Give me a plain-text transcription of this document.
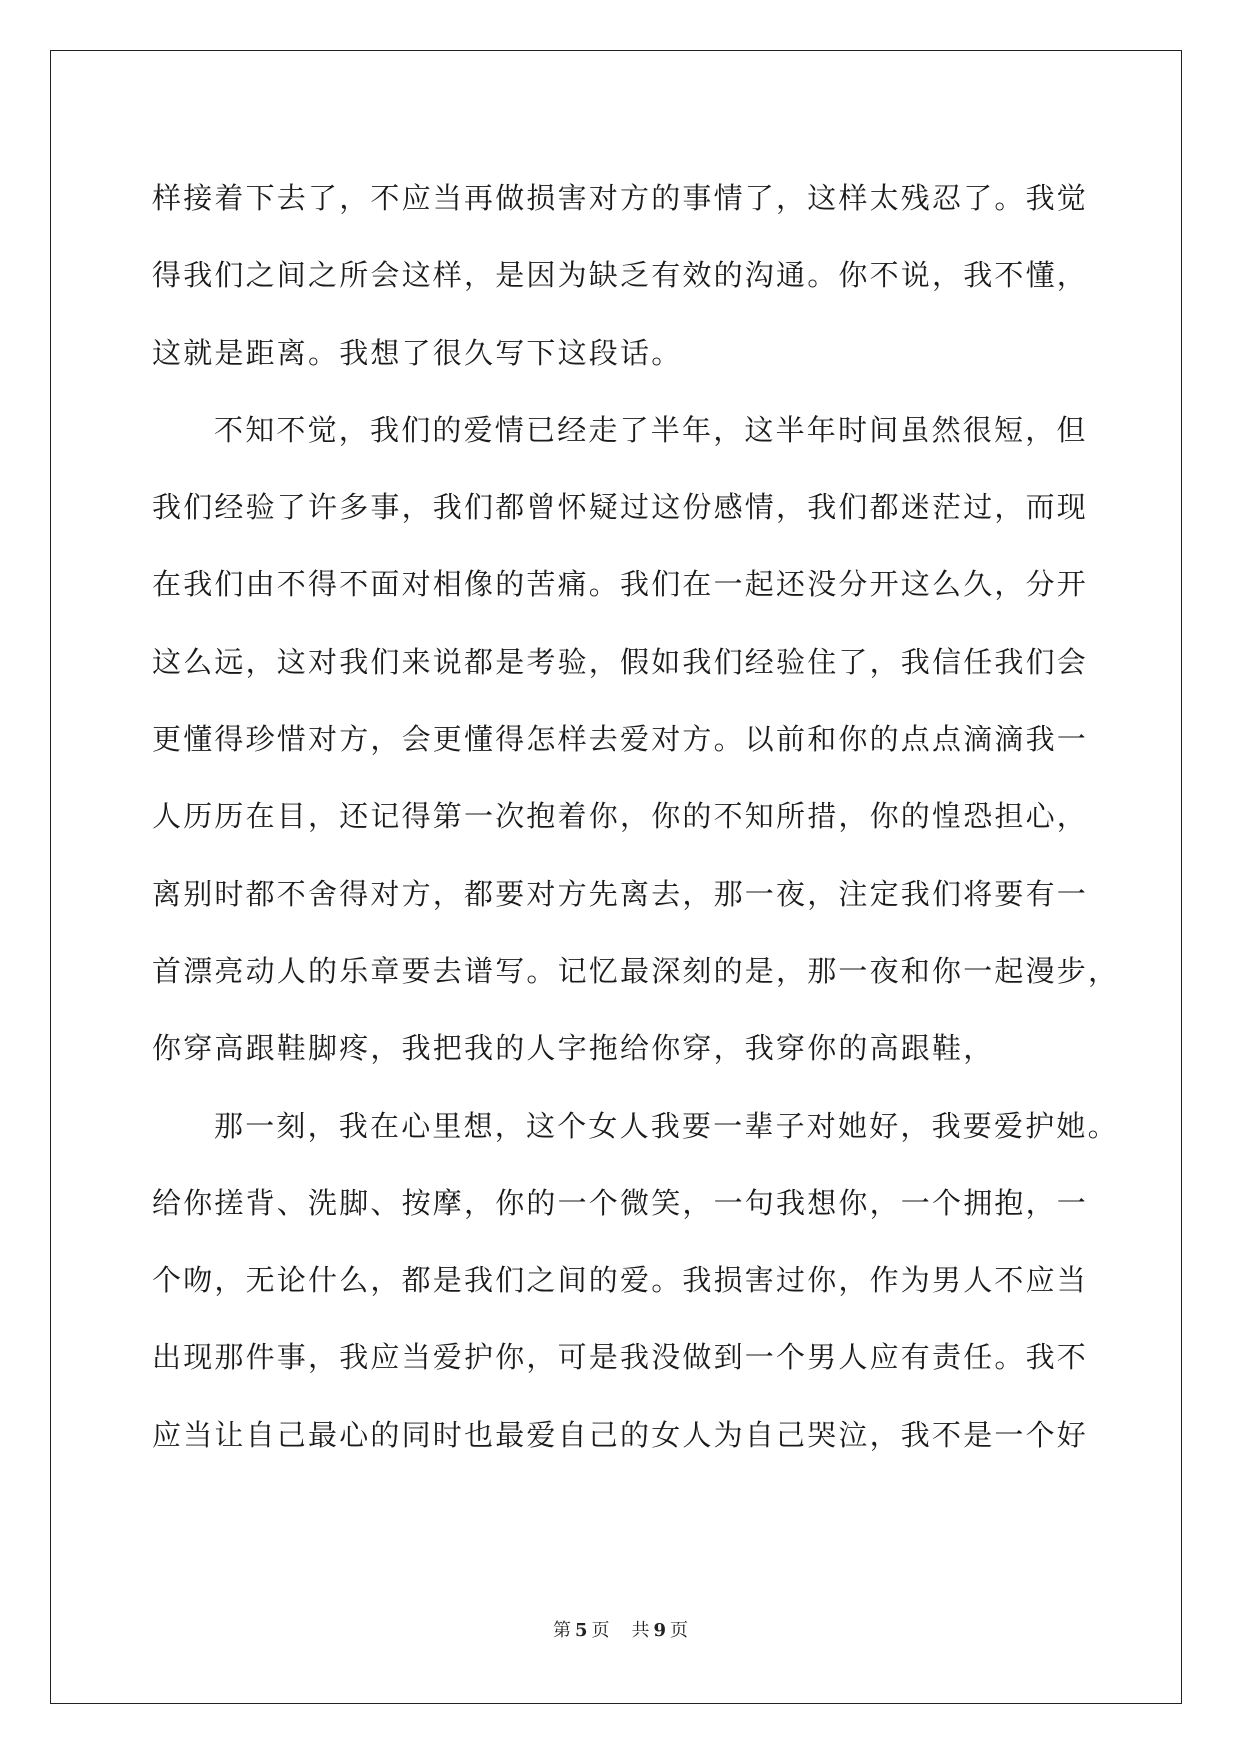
样接着下去了，不应当再做损害对方的事情了，这样太残忍了。我觉
得我们之间之所会这样，是因为缺乏有效的沟通。你不说，我不懂，
这就是距离。我想了很久写下这段话。
不知不觉，我们的爱情已经走了半年，这半年时间虽然很短，但
我们经验了许多事，我们都曾怀疑过这份感情，我们都迷茫过，而现
在我们由不得不面对相像的苦痛。我们在一起还没分开这么久，分开
这么远，这对我们来说都是考验，假如我们经验住了，我信任我们会
更懂得珍惜对方，会更懂得怎样去爱对方。以前和你的点点滴滴我一
人历历在目，还记得第一次抱着你，你的不知所措，你的惶恐担心，
离别时都不舍得对方，都要对方先离去，那一夜，注定我们将要有一
首漂亮动人的乐章要去谱写。记忆最深刻的是，那一夜和你一起漫步，
你穿高跟鞋脚疼，我把我的人字拖给你穿，我穿你的高跟鞋，
那一刻，我在心里想，这个女人我要一辈子对她好，我要爱护她。
给你搓背、洗脚、按摩，你的一个微笑，一句我想你，一个拥抱，一
个吻，无论什么，都是我们之间的爱。我损害过你，作为男人不应当
出现那件事，我应当爱护你，可是我没做到一个男人应有责任。我不
应当让自己最心的同时也最爱自己的女人为自己哭泣，我不是一个好
第 5 页 共 9 页
